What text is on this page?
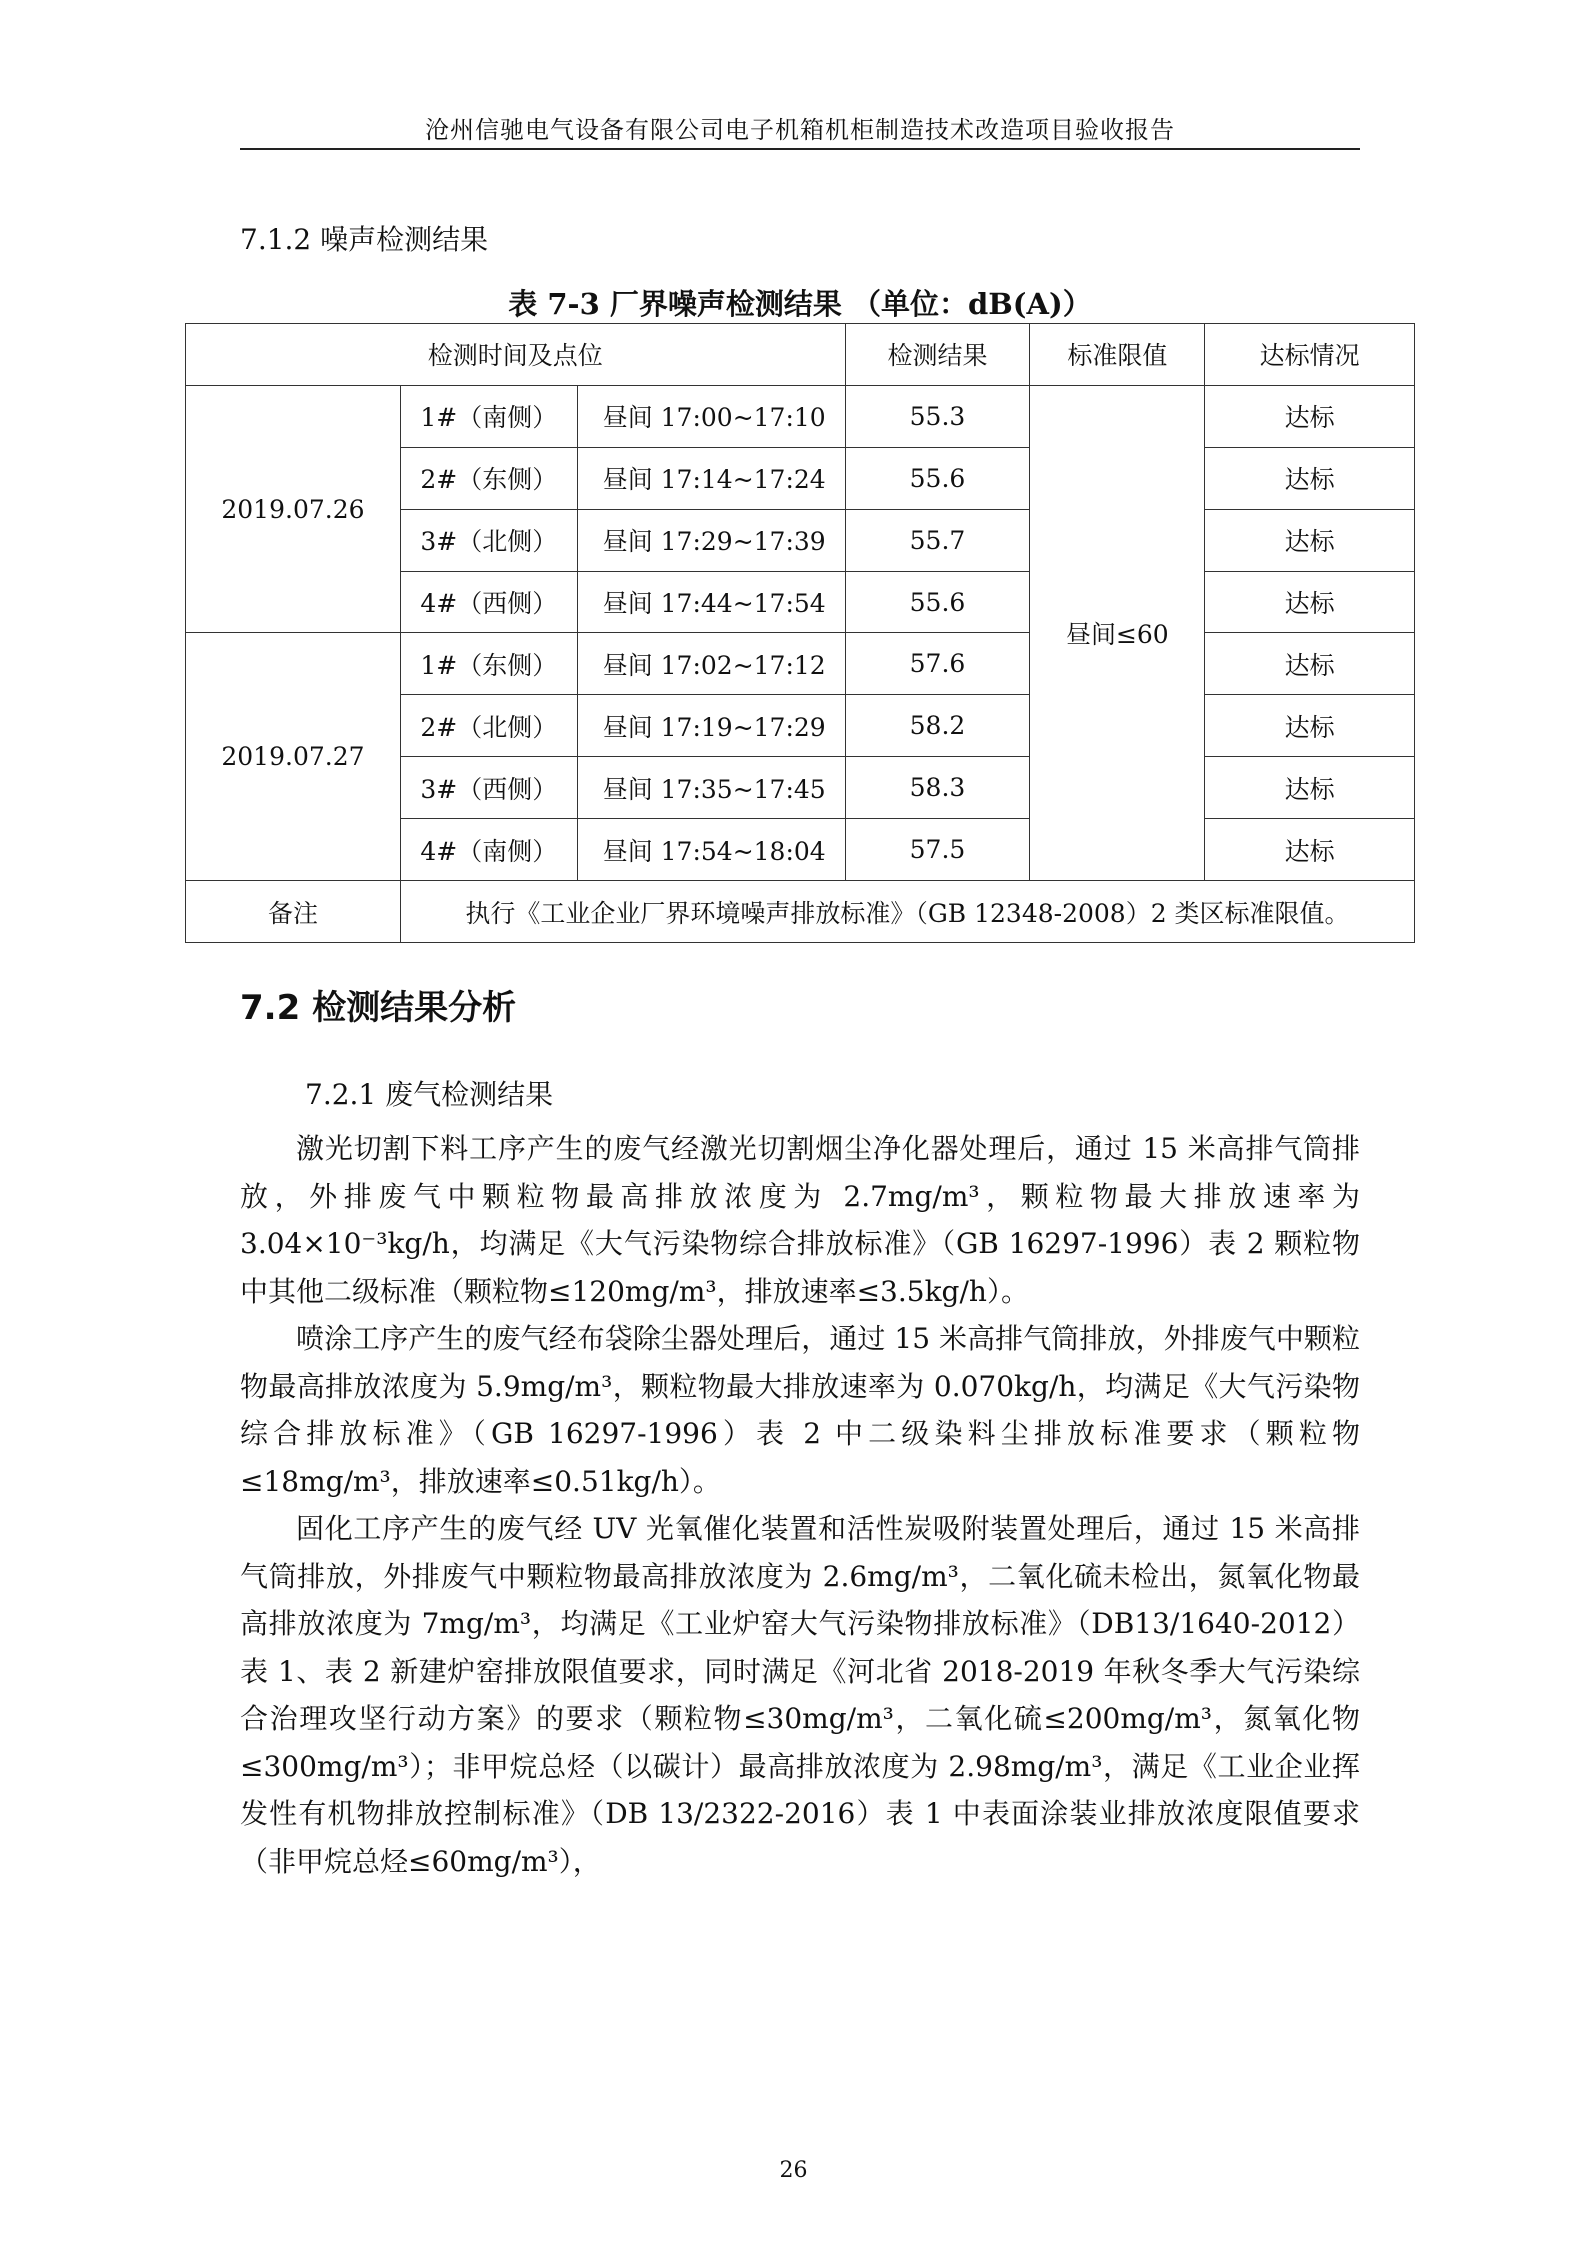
沧州信驰电气设备有限公司电子机箱机柜制造技术改造项目验收报告
7.1.2 噪声检测结果
表 7-3 厂界噪声检测结果 （单位：dB(A)）
检测时间及点位			检测结果	标准限值	达标情况
2019.07.26	1#（南侧）	昼间 17:00~17:10	55.3	昼间≤60	达标
	2#（东侧）	昼间 17:14~17:24	55.6		达标
	3#（北侧）	昼间 17:29~17:39	55.7		达标
	4#（西侧）	昼间 17:44~17:54	55.6		达标
2019.07.27	1#（东侧）	昼间 17:02~17:12	57.6		达标
	2#（北侧）	昼间 17:19~17:29	58.2		达标
	3#（西侧）	昼间 17:35~17:45	58.3		达标
	4#（南侧）	昼间 17:54~18:04	57.5		达标
备注	执行《工业企业厂界环境噪声排放标准》（GB 12348-2008）2 类区标准限值。				
7.2 检测结果分析
7.2.1 废气检测结果

激光切割下料工序产生的废气经激光切割烟尘净化器处理后，通过 15 米高排气筒排放，外排废气中颗粒物最高排放浓度为 2.7mg/m³，颗粒物最大排放速率为 3.04×10⁻³kg/h，均满足《大气污染物综合排放标准》（GB 16297-1996）表 2 颗粒物中其他二级标准（颗粒物≤120mg/m³，排放速率≤3.5kg/h）。

喷涂工序产生的废气经布袋除尘器处理后，通过 15 米高排气筒排放，外排废气中颗粒物最高排放浓度为 5.9mg/m³，颗粒物最大排放速率为 0.070kg/h，均满足《大气污染物综合排放标准》（GB 16297-1996）表 2 中二级染料尘排放标准要求（颗粒物≤18mg/m³，排放速率≤0.51kg/h）。

固化工序产生的废气经 UV 光氧催化装置和活性炭吸附装置处理后，通过 15 米高排气筒排放，外排废气中颗粒物最高排放浓度为 2.6mg/m³，二氧化硫未检出，氮氧化物最高排放浓度为 7mg/m³，均满足《工业炉窑大气污染物排放标准》（DB13/1640-2012）表 1、表 2 新建炉窑排放限值要求，同时满足《河北省 2018-2019 年秋冬季大气污染综合治理攻坚行动方案》的要求（颗粒物≤30mg/m³，二氧化硫≤200mg/m³，氮氧化物≤300mg/m³）；非甲烷总烃（以碳计）最高排放浓度为 2.98mg/m³，满足《工业企业挥发性有机物排放控制标准》（DB 13/2322-2016）表 1 中表面涂装业排放浓度限值要求（非甲烷总烃≤60mg/m³），

26
